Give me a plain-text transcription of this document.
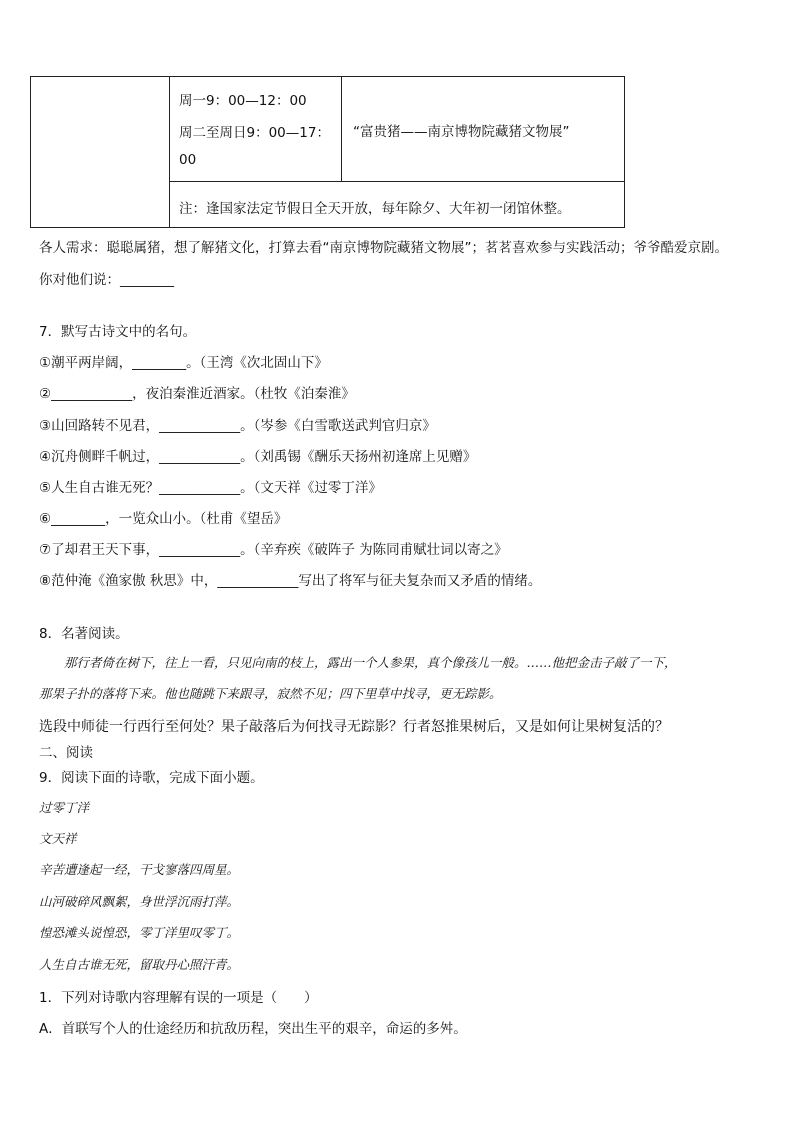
周一9：00—12：00
周二至周日9：00—17：
00
“富贵猪——南京博物院藏猪文物展”
注：逢国家法定节假日全天开放，每年除夕、大年初一闭馆休整。
各人需求：聪聪属猪，想了解猪文化，打算去看“南京博物院藏猪文物展”；茗茗喜欢参与实践活动；爷爷酷爱京剧。
你对他们说：________
7．默写古诗文中的名句。
①潮平两岸阔，________。（王湾《次北固山下》
②____________，夜泊秦淮近酒家。（杜牧《泊秦淮》
③山回路转不见君，____________。（岑参《白雪歌送武判官归京》
④沉舟侧畔千帆过，____________。（刘禹锡《酬乐天扬州初逢席上见赠》
⑤人生自古谁无死？____________。（文天祥《过零丁洋》
⑥________，一览众山小。（杜甫《望岳》
⑦了却君王天下事，____________。（辛弃疾《破阵子 为陈同甫赋壮词以寄之》
⑧范仲淹《渔家傲 秋思》中，____________写出了将军与征夫复杂而又矛盾的情绪。
8．名著阅读。
那行者倚在树下，往上一看，只见向南的枝上，露出一个人参果，真个像孩儿一般。……他把金击子敲了一下，
那果子扑的落将下来。他也随跳下来跟寻，寂然不见；四下里草中找寻，更无踪影。
选段中师徒一行西行至何处？果子敲落后为何找寻无踪影？行者怒推果树后，又是如何让果树复活的？
二、阅读
9．阅读下面的诗歌，完成下面小题。
过零丁洋
文天祥
辛苦遭逢起一经，干戈寥落四周星。
山河破碎风飘絮，身世浮沉雨打萍。
惶恐滩头说惶恐，零丁洋里叹零丁。
人生自古谁无死，留取丹心照汗青。
1．下列对诗歌内容理解有误的一项是（　　）
A．首联写个人的仕途经历和抗敌历程，突出生平的艰辛，命运的多舛。
